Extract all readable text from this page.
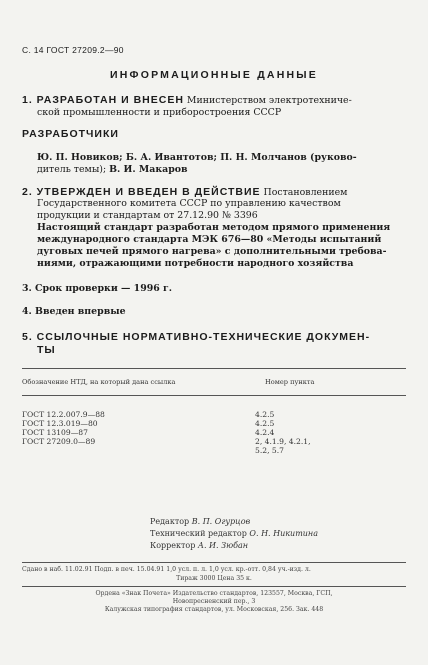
С. 14 ГОСТ 27209.2—90
ИНФОРМАЦИОННЫЕ ДАННЫЕ
1. РАЗРАБОТАН И ВНЕСЕН Министерством электротехниче-
ской промышленности и приборостроения СССР
РАЗРАБОТЧИКИ
Ю. П. Новиков; Б. А. Ивантотов; П. Н. Молчанов (руково-
дитель темы); В. И. Макаров
2. УТВЕРЖДЕН И ВВЕДЕН В ДЕЙСТВИЕ Постановлением
Государственного комитета СССР по управлению качеством
продукции и стандартам от 27.12.90 № 3396
Настоящий стандарт разработан методом прямого применения
международного стандарта МЭК 676—80 «Методы испытаний
дуговых печей прямого нагрева» с дополнительными требова-
ниями, отражающими потребности народного хозяйства
3. Срок проверки — 1996 г.
4. Введен впервые
5. ССЫЛОЧНЫЕ НОРМАТИВНО-ТЕХНИЧЕСКИЕ ДОКУМЕН-
ТЫ
Обозначение НТД, на который дана ссылка	Номер пункта
ГОСТ 12.2.007.9—88	4.2.5
ГОСТ 12.3.019—80	4.2.5
ГОСТ 13109—87	4.2.4
ГОСТ 27209.0—89	2, 4.1.9, 4.2.1,
5.2, 5.7
Редактор В. П. Огурцов
Технический редактор О. Н. Никитина
Корректор А. И. Зюбан
Сдано в наб. 11.02.91 Подп. в печ. 15.04.91 1,0 усл. п. л. 1,0 усл. кр.-отт. 0,84 уч.-изд. л.
Тираж 3000 Цена 35 к.
Ордена «Знак Почета» Издательство стандартов, 123557, Москва, ГСП,
Новопресненский пер., 3
Калужская типография стандартов, ул. Московская, 256. Зак. 448
